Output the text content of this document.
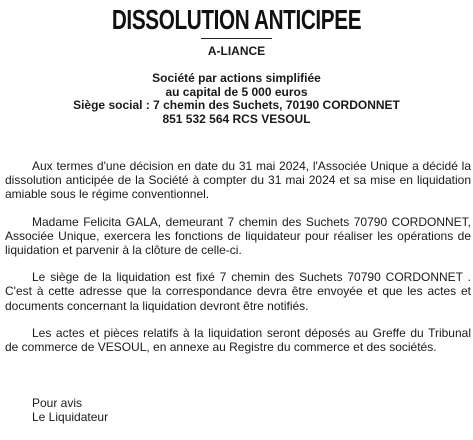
DISSOLUTION ANTICIPEE
A-LIANCE
Société par actions simplifiée
au capital de 5 000 euros
Siège social : 7 chemin des Suchets, 70190 CORDONNET
851 532 564 RCS VESOUL

Aux termes d'une décision en date du 31 mai 2024, l'Associée Unique a décidé la dissolution anticipée de la Société à compter du 31 mai 2024 et sa mise en liquidation amiable sous le régime conventionnel.

Madame Felicita GALA, demeurant 7 chemin des Suchets 70790 CORDONNET, Associée Unique, exercera les fonctions de liquidateur pour réaliser les opérations de liquidation et parvenir à la clôture de celle-ci.

Le siège de la liquidation est fixé 7 chemin des Suchets 70790 CORDONNET . C'est à cette adresse que la correspondance devra être envoyée et que les actes et documents concernant la liquidation devront être notifiés.

Les actes et pièces relatifs à la liquidation seront déposés au Greffe du Tribunal de commerce de VESOUL, en annexe au Registre du commerce et des sociétés.

Pour avis
Le Liquidateur
